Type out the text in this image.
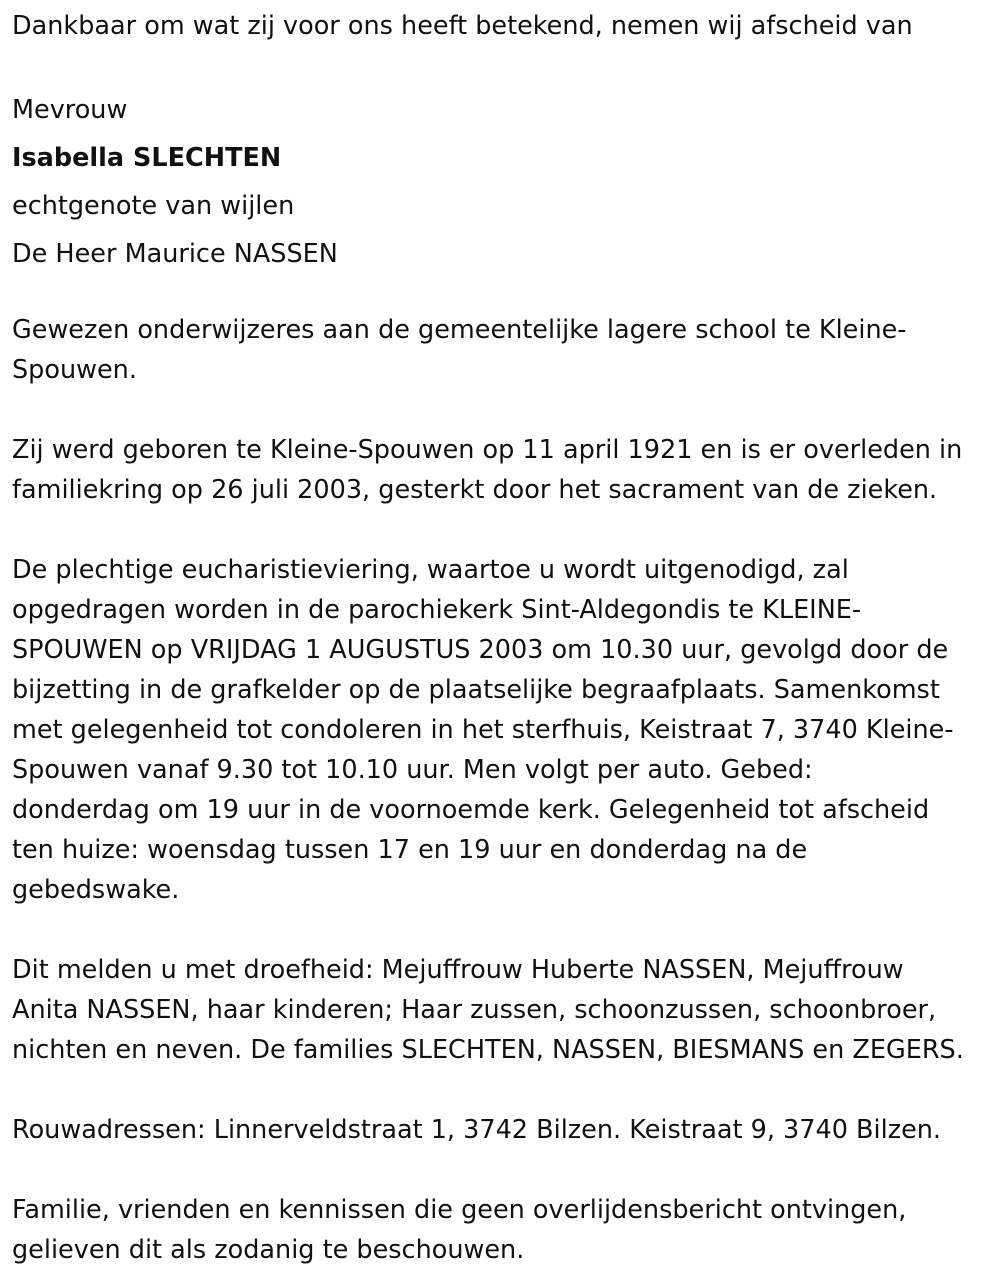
Dankbaar om wat zij voor ons heeft betekend, nemen wij afscheid van
Mevrouw
Isabella SLECHTEN
echtgenote van wijlen
De Heer Maurice NASSEN
Gewezen onderwijzeres aan de gemeentelijke lagere school te Kleine-
Spouwen.
Zij werd geboren te Kleine-Spouwen op 11 april 1921 en is er overleden in
familiekring op 26 juli 2003, gesterkt door het sacrament van de zieken.
De plechtige eucharistieviering, waartoe u wordt uitgenodigd, zal
opgedragen worden in de parochiekerk Sint-Aldegondis te KLEINE-
SPOUWEN op VRIJDAG 1 AUGUSTUS 2003 om 10.30 uur, gevolgd door de
bijzetting in de grafkelder op de plaatselijke begraafplaats. Samenkomst
met gelegenheid tot condoleren in het sterfhuis, Keistraat 7, 3740 Kleine-
Spouwen vanaf 9.30 tot 10.10 uur. Men volgt per auto. Gebed:
donderdag om 19 uur in de voornoemde kerk. Gelegenheid tot afscheid
ten huize: woensdag tussen 17 en 19 uur en donderdag na de
gebedswake.
Dit melden u met droefheid: Mejuffrouw Huberte NASSEN, Mejuffrouw
Anita NASSEN, haar kinderen; Haar zussen, schoonzussen, schoonbroer,
nichten en neven. De families SLECHTEN, NASSEN, BIESMANS en ZEGERS.
Rouwadressen: Linnerveldstraat 1, 3742 Bilzen. Keistraat 9, 3740 Bilzen.
Familie, vrienden en kennissen die geen overlijdensbericht ontvingen,
gelieven dit als zodanig te beschouwen.
